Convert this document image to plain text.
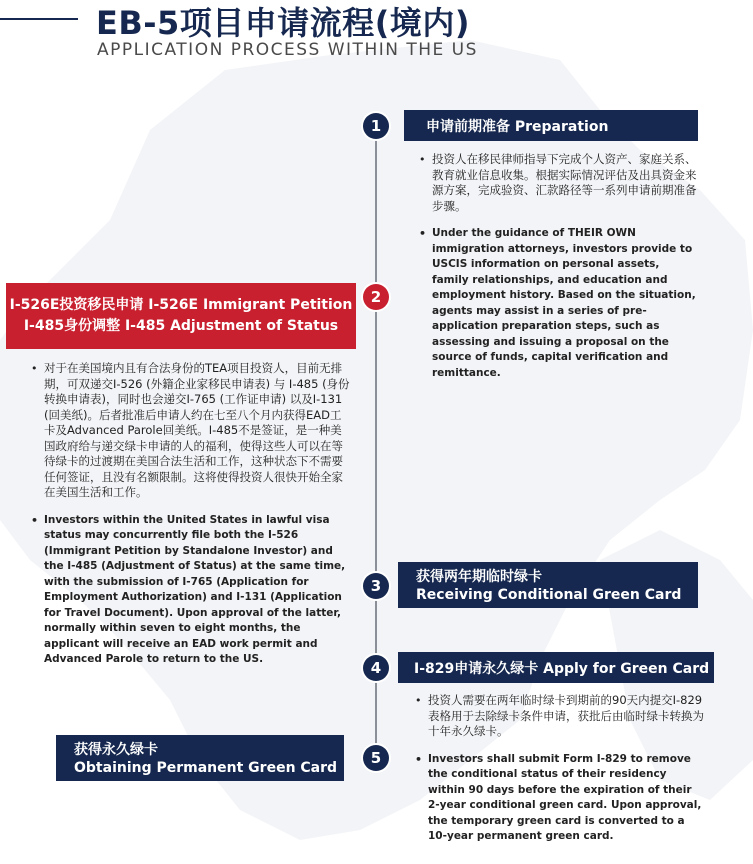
EB-5项目申请流程(境内)
APPLICATION PROCESS WITHIN THE US
1	申请前期准备 Preparation
• 投资人在移民律师指导下完成个人资产、家庭关系、教育就业信息收集。根据实际情况评估及出具资金来源方案，完成验资、汇款路径等一系列申请前期准备步骤。
• Under the guidance of THEIR OWN immigration attorneys, investors provide to USCIS information on personal assets, family relationships, and education and employment history. Based on the situation, agents may assist in a series of pre-application preparation steps, such as assessing and issuing a proposal on the source of funds, capital verification and remittance.
2
I-526E投资移民申请 I-526E Immigrant Petition
I-485身份调整 I-485 Adjustment of Status
• 对于在美国境内且有合法身份的TEA项目投资人，目前无排期，可双递交I-526 (外籍企业家移民申请表) 与 I-485 (身份转换申请表)，同时也会递交I-765 (工作证申请) 以及I-131 (回美纸)。后者批准后申请人约在七至八个月内获得EAD工卡及Advanced Parole回美纸。I-485不是签证，是一种美国政府给与递交绿卡申请的人的福利，使得这些人可以在等待绿卡的过渡期在美国合法生活和工作，这种状态下不需要任何签证，且没有名额限制。这将使得投资人很快开始全家在美国生活和工作。
• Investors within the United States in lawful visa status may concurrently file both the I-526 (Immigrant Petition by Standalone Investor) and the I-485 (Adjustment of Status) at the same time, with the submission of I-765 (Application for Employment Authorization) and I-131 (Application for Travel Document). Upon approval of the latter, normally within seven to eight months, the applicant will receive an EAD work permit and Advanced Parole to return to the US.
3	获得两年期临时绿卡
Receiving Conditional Green Card
4	I-829申请永久绿卡 Apply for Green Card
• 投资人需要在两年临时绿卡到期前的90天内提交I-829 表格用于去除绿卡条件申请，获批后由临时绿卡转换为十年永久绿卡。
• Investors shall submit Form I-829 to remove the conditional status of their residency within 90 days before the expiration of their 2-year conditional green card. Upon approval, the temporary green card is converted to a 10-year permanent green card.
5
获得永久绿卡
Obtaining Permanent Green Card
